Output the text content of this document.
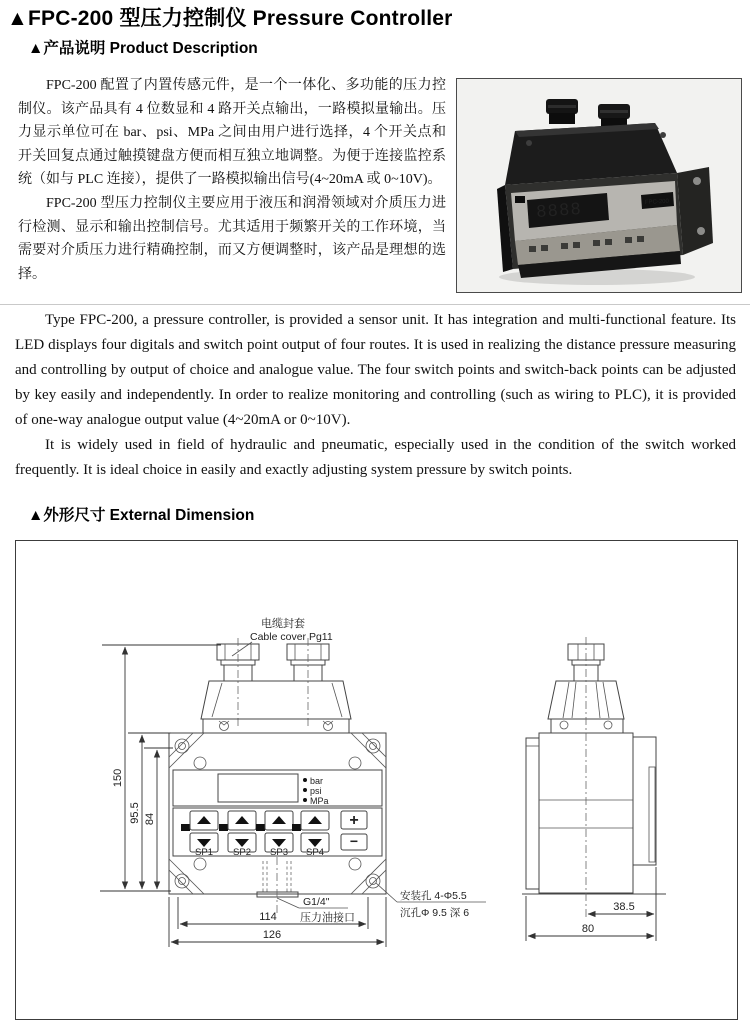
▲FPC-200 型压力控制仪 Pressure Controller
▲产品说明 Product Description

FPC-200 配置了内置传感元件，是一个一体化、多功能的压力控制仪。该产品具有 4 位数显和 4 路开关点输出，一路模拟量输出。压力显示单位可在 bar、psi、MPa 之间由用户进行选择，4 个开关点和开关回复点通过触摸键盘方便而相互独立地调整。为便于连接监控系统（如与 PLC 连接），提供了一路模拟输出信号(4~20mA 或 0~10V)。

FPC-200 型压力控制仪主要应用于液压和润滑领域对介质压力进行检测、显示和输出控制信号。尤其适用于频繁开关的工作环境，当需要对介质压力进行精确控制，而又方便调整时，该产品是理想的选择。

8888	FPC-200

Type FPC-200, a pressure controller, is provided a sensor unit. It has integration and multi-functional feature. Its LED displays four digitals and switch point output of four routes. It is used in realizing the distance pressure measuring and controlling by output of choice and analogue value. The four switch points and switch-back points can be adjusted by key easily and independently. In order to realize monitoring and controlling (such as wiring to PLC), it is provided of one-way analogue output value (4~20mA or 0~10V).

It is widely used in field of hydraulic and pneumatic, especially used in the condition of the switch worked frequently. It is ideal choice in easily and exactly adjusting system pressure by switch points.

▲外形尺寸 External Dimension
电缆封套
Cable cover Pg11
bar
psi
MPa
SP1 SP2 SP3 SP4
+
−
G1/4"
压力油接口
安装孔 4-Φ5.5
沉孔Φ 9.5 深 6
150
95.5 84
114
126
38.5
80
